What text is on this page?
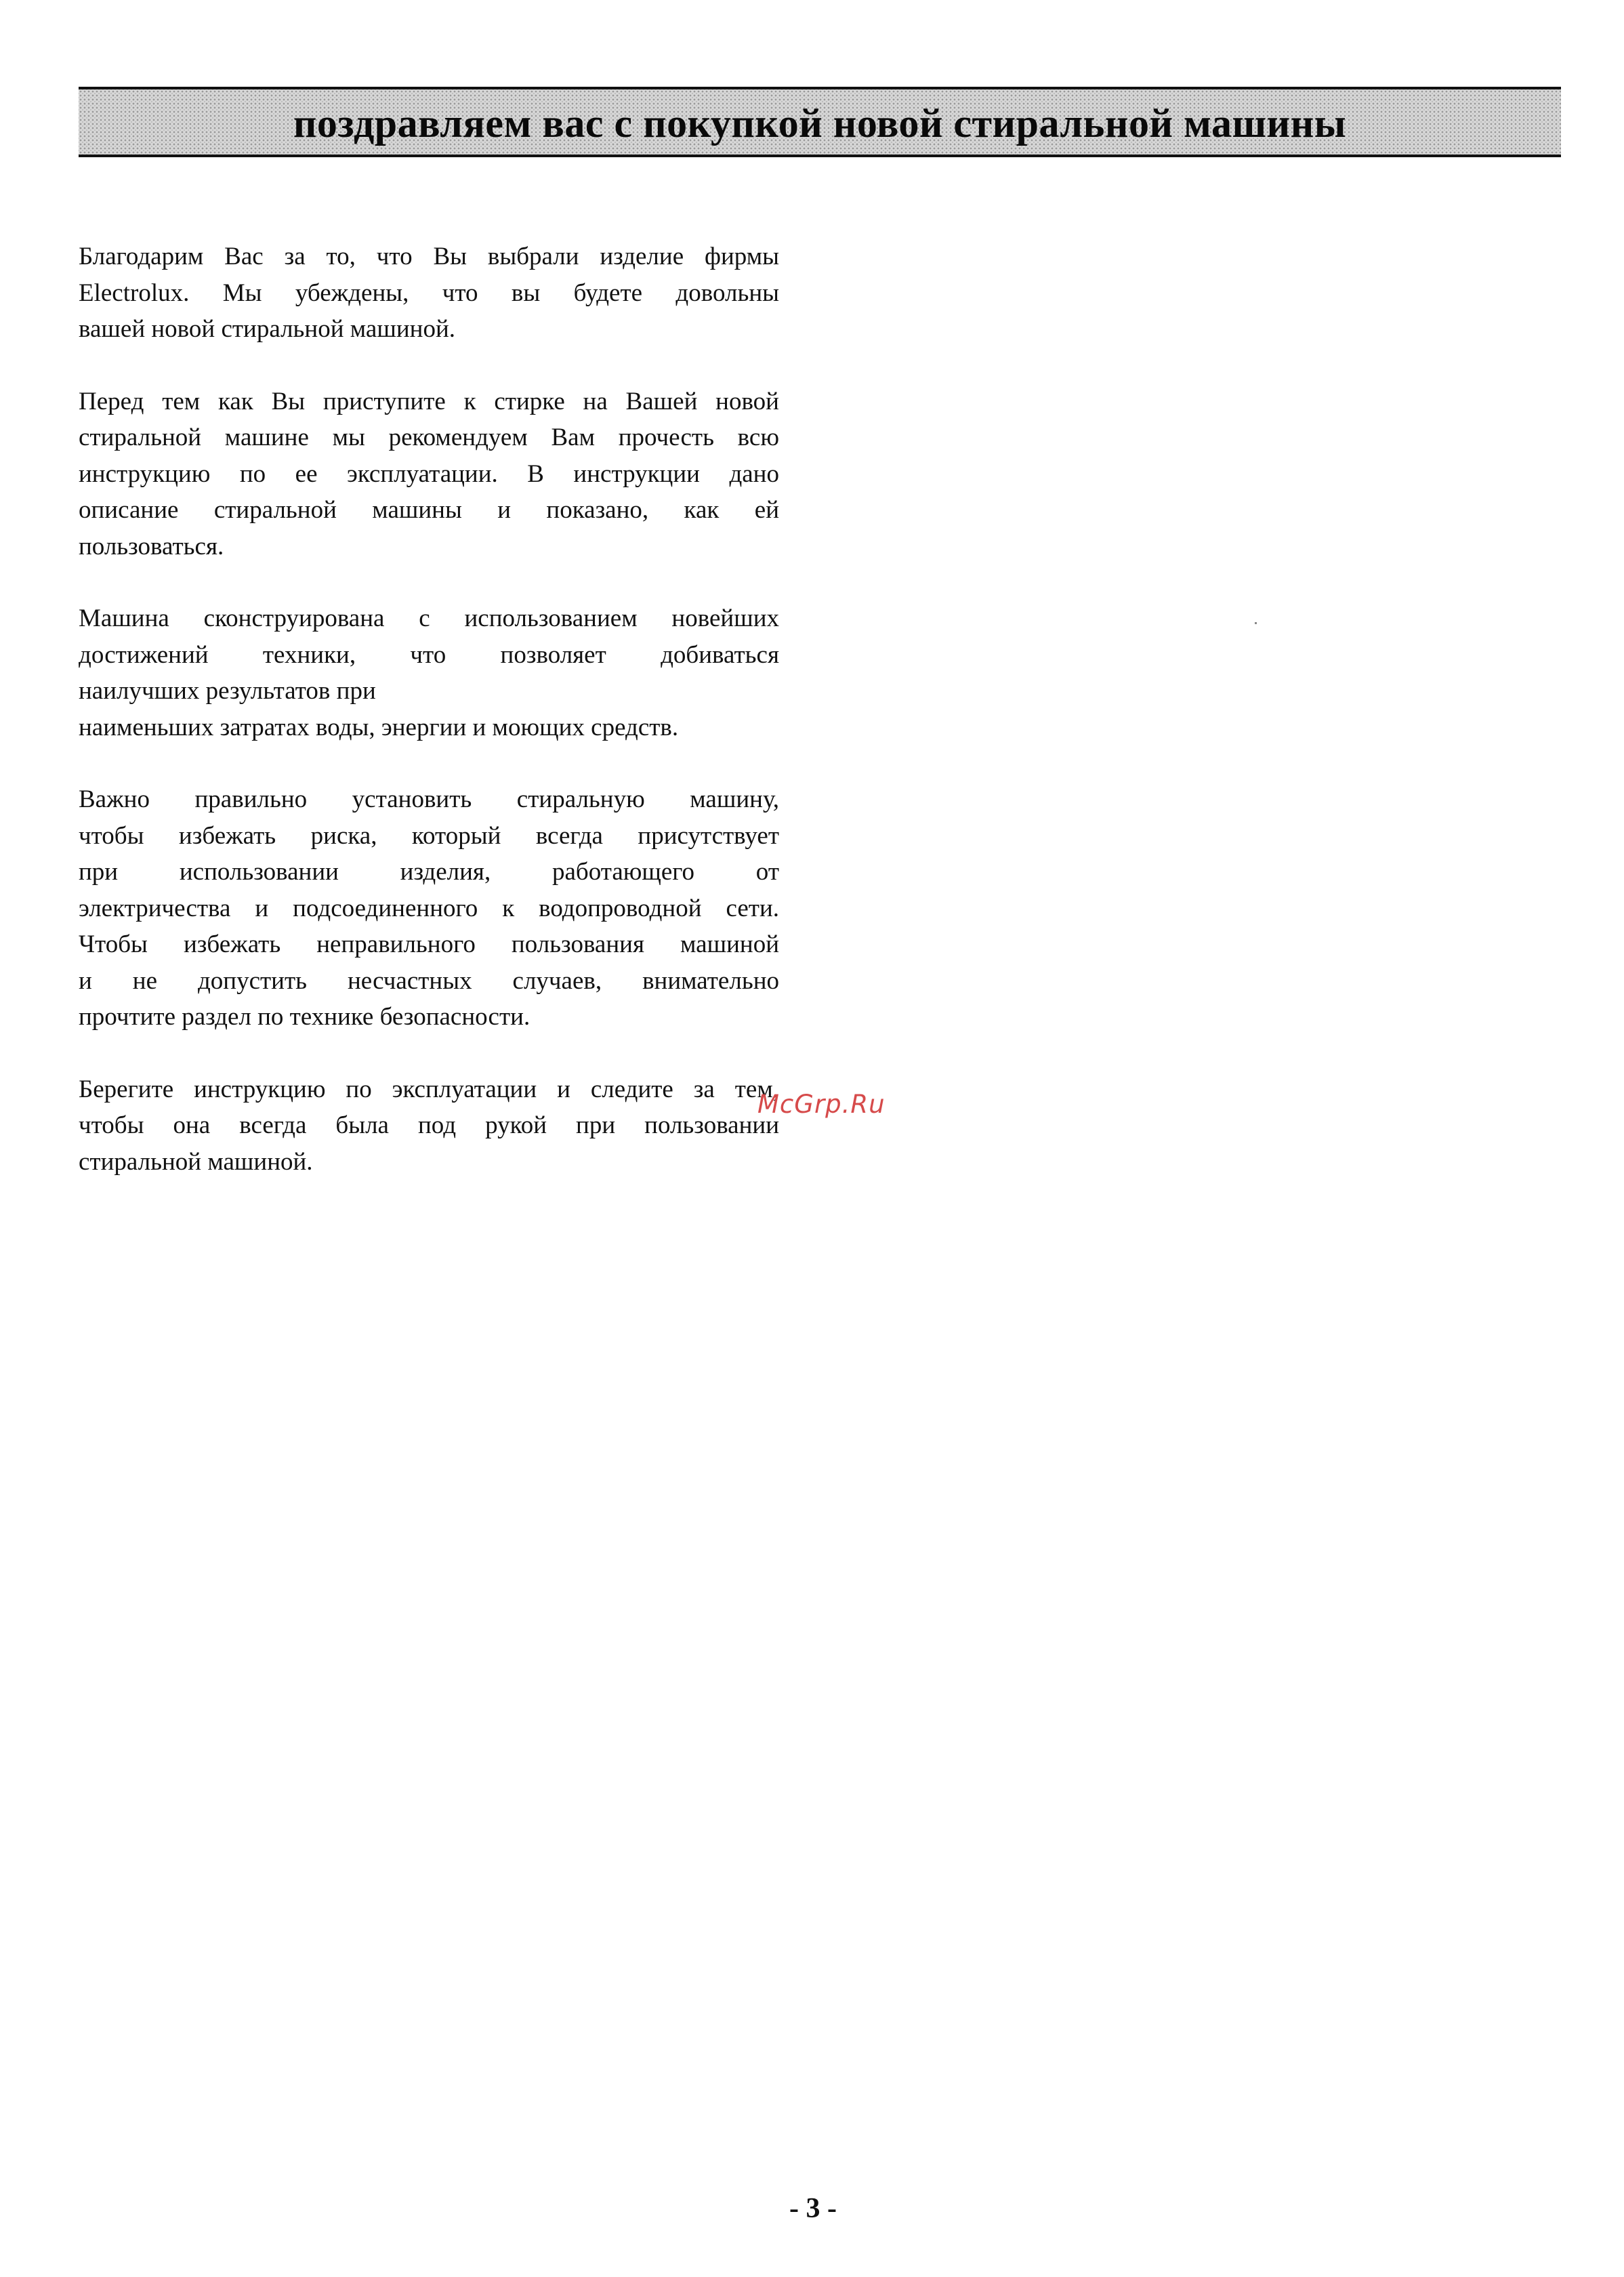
поздравляем вас с покупкой новой стиральной машины
Благодарим Вас за то, что Вы выбрали изделие фирмы
Electrolux. Мы убеждены, что вы будете довольны
вашей новой стиральной машиной.
Перед тем как Вы приступите к стирке на Вашей новой
стиральной машине мы рекомендуем Вам прочесть всю
инструкцию по ее эксплуатации. В инструкции дано
описание стиральной машины и показано, как ей
пользоваться.
Машина сконструирована с использованием новейших
достижений техники, что позволяет добиваться
наилучших результатов при
наименьших затратах воды, энергии и моющих средств.
Важно правильно установить стиральную машину,
чтобы избежать риска, который всегда присутствует
при использовании изделия, работающего от
электричества и подсоединенного к водопроводной сети.
Чтобы избежать неправильного пользования машиной
и не допустить несчастных случаев, внимательно
прочтите раздел по технике безопасности.
Берегите инструкцию по эксплуатации и следите за тем,
чтобы она всегда была под рукой при пользовании
стиральной машиной.
McGrp.Ru
- 3 -
